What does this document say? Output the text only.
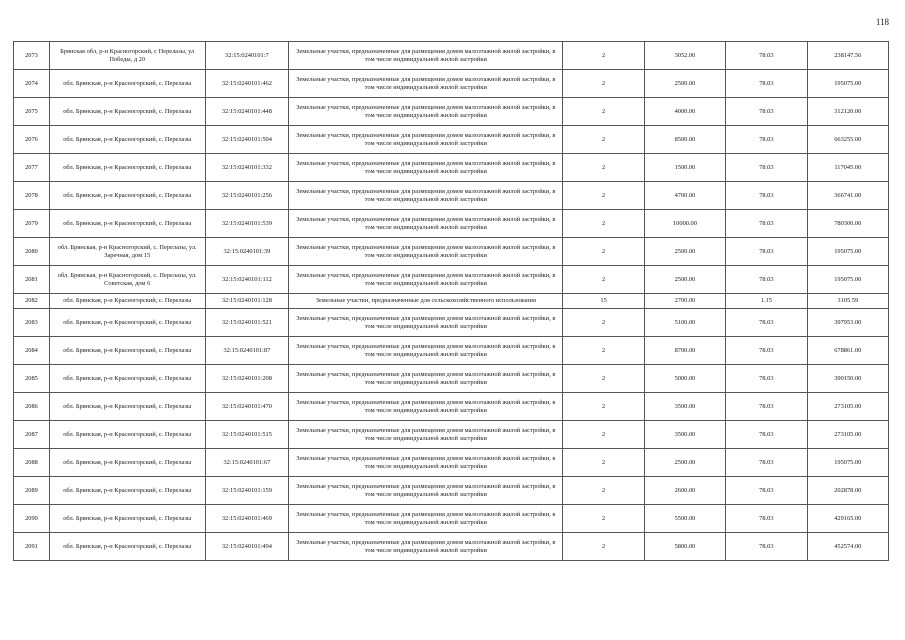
118
2073	Брянская обл, р-н Красногорский, с Перелазы, ул Победы, д 20	32:15:0240101:7	Земельные участки, предназначенные для размещения домов малоэтажной жилой застройки, в том числе индивидуальной жилой застройки	2	3052.00	78.03	238147.56
2074	обл. Брянская, р-н Красногорский, с. Перелазы	32:15:0240101:462	Земельные участки, предназначенные для размещения домов малоэтажной жилой застройки, в том числе индивидуальной жилой застройки	2	2500.00	78.03	195075.00
2075	обл. Брянская, р-н Красногорский, с. Перелазы	32:15:0240101:448	Земельные участки, предназначенные для размещения домов малоэтажной жилой застройки, в том числе индивидуальной жилой застройки	2	4000.00	78.03	312120.00
2076	обл. Брянская, р-н Красногорский, с. Перелазы	32:15:0240101:504	Земельные участки, предназначенные для размещения домов малоэтажной жилой застройки, в том числе индивидуальной жилой застройки	2	8500.00	78.03	663255.00
2077	обл. Брянская, р-н Красногорский, с. Перелазы	32:15:0240101:332	Земельные участки, предназначенные для размещения домов малоэтажной жилой застройки, в том числе индивидуальной жилой застройки	2	1500.00	78.03	117045.00
2078	обл. Брянская, р-н Красногорский, с. Перелазы	32:15:0240101:256	Земельные участки, предназначенные для размещения домов малоэтажной жилой застройки, в том числе индивидуальной жилой застройки	2	4700.00	78.03	366741.00
2079	обл. Брянская, р-н Красногорский, с. Перелазы	32:15:0240101:539	Земельные участки, предназначенные для размещения домов малоэтажной жилой застройки, в том числе индивидуальной жилой застройки	2	10000.00	78.03	780300.00
2080	обл. Брянская, р-н Красногорский, с. Перелазы, ул. Заречная, дом 15	32:15:0240101:39	Земельные участки, предназначенные для размещения домов малоэтажной жилой застройки, в том числе индивидуальной жилой застройки	2	2500.00	78.03	195075.00
2081	обл. Брянская, р-н Красногорский, с. Перелазы, ул. Советская, дом 6	32:15:0240101:112	Земельные участки, предназначенные для размещения домов малоэтажной жилой застройки, в том числе индивидуальной жилой застройки	2	2500.00	78.03	195075.00
2082	обл. Брянская, р-н Красногорский, с. Перелазы	32:15:0240101:128	Земельные участки, предназначенные для сельскохозяйственного использования	15	2700.00	1.15	3105.59
2083	обл. Брянская, р-н Красногорский, с. Перелазы	32:15:0240101:521	Земельные участки, предназначенные для размещения домов малоэтажной жилой застройки, в том числе индивидуальной жилой застройки	2	5100.00	78.03	397953.00
2084	обл. Брянская, р-н Красногорский, с. Перелазы	32:15:0240101:87	Земельные участки, предназначенные для размещения домов малоэтажной жилой застройки, в том числе индивидуальной жилой застройки	2	8700.00	78.03	678861.00
2085	обл. Брянская, р-н Красногорский, с. Перелазы	32:15:0240101:208	Земельные участки, предназначенные для размещения домов малоэтажной жилой застройки, в том числе индивидуальной жилой застройки	2	5000.00	78.03	390150.00
2086	обл. Брянская, р-н Красногорский, с. Перелазы	32:15:0240101:470	Земельные участки, предназначенные для размещения домов малоэтажной жилой застройки, в том числе индивидуальной жилой застройки	2	3500.00	78.03	273105.00
2087	обл. Брянская, р-н Красногорский, с. Перелазы	32:15:0240101:515	Земельные участки, предназначенные для размещения домов малоэтажной жилой застройки, в том числе индивидуальной жилой застройки	2	3500.00	78.03	273105.00
2088	обл. Брянская, р-н Красногорский, с. Перелазы	32:15:0240101:67	Земельные участки, предназначенные для размещения домов малоэтажной жилой застройки, в том числе индивидуальной жилой застройки	2	2500.00	78.03	195075.00
2089	обл. Брянская, р-н Красногорский, с. Перелазы	32:15:0240101:159	Земельные участки, предназначенные для размещения домов малоэтажной жилой застройки, в том числе индивидуальной жилой застройки	2	2600.00	78.03	202878.00
2090	обл. Брянская, р-н Красногорский, с. Перелазы	32:15:0240101:469	Земельные участки, предназначенные для размещения домов малоэтажной жилой застройки, в том числе индивидуальной жилой застройки	2	5500.00	78.03	429165.00
2091	обл. Брянская, р-н Красногорский, с. Перелазы	32:15:0240101:494	Земельные участки, предназначенные для размещения домов малоэтажной жилой застройки, в том числе индивидуальной жилой застройки	2	5800.00	78.03	452574.00
